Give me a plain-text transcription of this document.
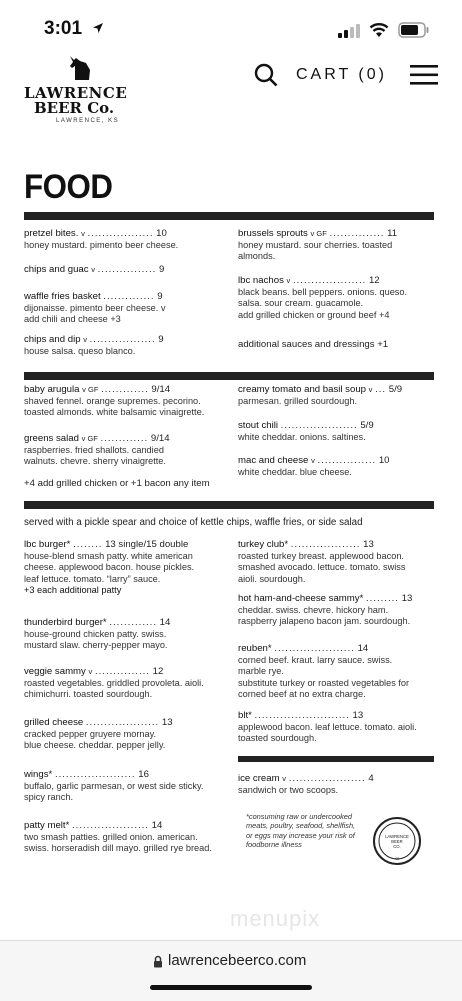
3:01
LAWRENCE
BEER Co.
LAWRENCE, KS
CART (0)
FOOD
pretzel bites. v .................. 10
honey mustard. pimento beer cheese.
chips and guac v ................ 9
waffle fries basket .............. 9
dijonaisse. pimento beer cheese. v
add chili and cheese +3
chips and dip v .................. 9
house salsa. queso blanco.
brussels sprouts v GF ............... 11
honey mustard. sour cherries. toasted
almonds.
lbc nachos v .................... 12
black beans. bell peppers. onions. queso.
salsa. sour cream. guacamole.
add grilled chicken or ground beef +4
additional sauces and dressings +1
baby arugula v GF ............. 9/14
shaved fennel. orange supremes. pecorino.
toasted almonds. white balsamic vinaigrette.
greens salad v GF ............. 9/14
raspberries. fried shallots. candied
walnuts. chevre. sherry vinaigrette.
+4 add grilled chicken or +1 bacon any item
creamy tomato and basil soup v ... 5/9
parmesan. grilled sourdough.
stout chili ..................... 5/9
white cheddar. onions. saltines.
mac and cheese v ................ 10
white cheddar. blue cheese.
served with a pickle spear and choice of kettle chips, waffle fries, or side salad
lbc burger* ........ 13 single/15 double
house-blend smash patty. white american
cheese. applewood bacon. house pickles.
leaf lettuce. tomato. “larry” sauce.
+3 each additional patty
thunderbird burger* ............. 14
house-ground chicken patty. swiss.
mustard slaw. cherry-pepper mayo.
veggie sammy v ............... 12
roasted vegetables. griddled provoleta. aioli.
chimichurri. toasted sourdough.
grilled cheese .................... 13
cracked pepper gruyere mornay.
blue cheese. cheddar. pepper jelly.
wings* ...................... 16
buffalo, garlic parmesan, or west side sticky.
spicy ranch.
patty melt* ..................... 14
two smash patties. grilled onion. american.
swiss. horseradish dill mayo. grilled rye bread.
turkey club* ................... 13
roasted turkey breast. applewood bacon.
smashed avocado. lettuce. tomato. swiss
aioli. sourdough.
hot ham-and-cheese sammy* ......... 13
cheddar. swiss. chevre. hickory ham.
raspberry jalapeno bacon jam. sourdough.
reuben* ...................... 14
corned beef. kraut. larry sauce. swiss.
marble rye.
substitute turkey or roasted vegetables for
corned beef at no extra charge.
blt* .......................... 13
applewood bacon. leaf lettuce. tomato. aioli.
toasted sourdough.
ice cream v ..................... 4
sandwich or two scoops.
*consuming raw or undercooked
meats, poultry, seafood, shellfish,
or eggs may increase your risk of
foodborne illness
LAWRENCE
BEER
CO.
KS
menupix
lawrencebeerco.com
